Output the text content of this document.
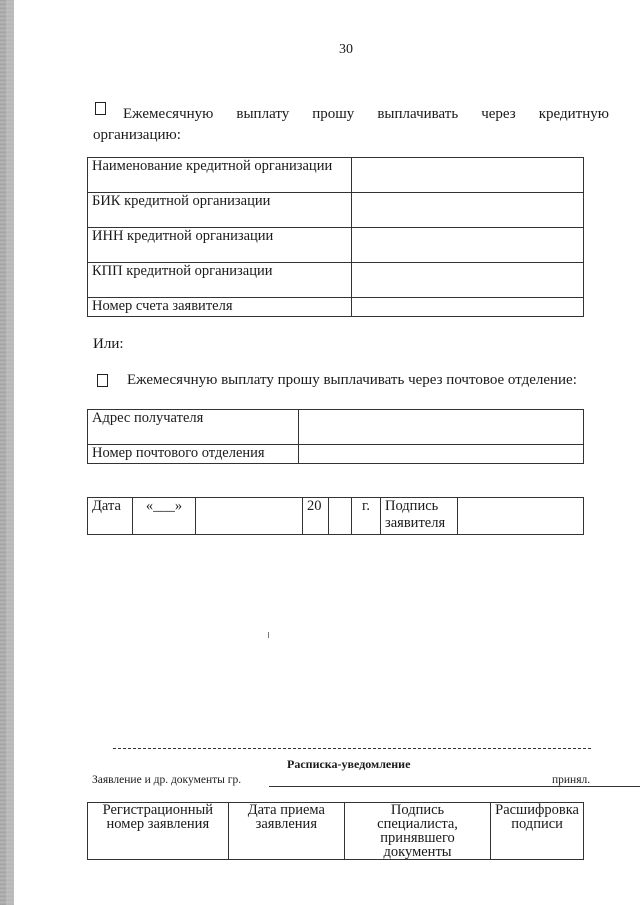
30
Ежемесячную выплату прошу выплачивать через кредитную
организацию:
Наименование кредитной организации	
БИК кредитной организации	
ИНН кредитной организации	
КПП кредитной организации	
Номер счета заявителя	
Или:
Ежемесячную выплату прошу выплачивать через почтовое отделение:
Адрес получателя	
Номер почтового отделения	
Дата	«___»		20		г.	Подпись заявителя	
Расписка-уведомление
Заявление и др. документы гр.	принял.
Регистрационный номер заявления	Дата приема заявления	Подпись специалиста, принявшего документы	Расшифровка подписи
